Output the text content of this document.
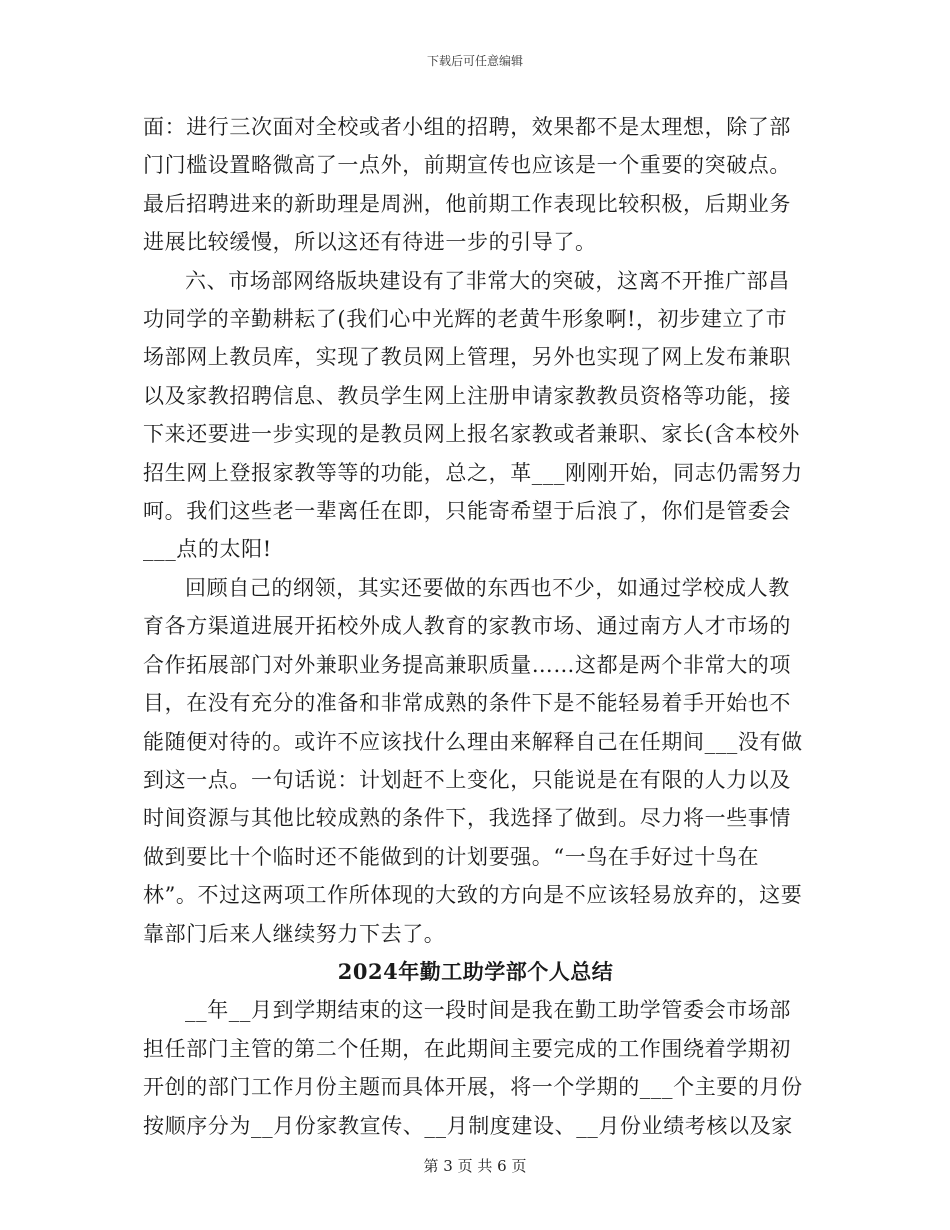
下载后可任意编辑

面：进行三次面对全校或者小组的招聘，效果都不是太理想，除了部门门槛设置略微高了一点外，前期宣传也应该是一个重要的突破点。最后招聘进来的新助理是周洲，他前期工作表现比较积极，后期业务进展比较缓慢，所以这还有待进一步的引导了。

六、市场部网络版块建设有了非常大的突破，这离不开推广部昌功同学的辛勤耕耘了(我们心中光辉的老黄牛形象啊!，初步建立了市场部网上教员库，实现了教员网上管理，另外也实现了网上发布兼职以及家教招聘信息、教员学生网上注册申请家教教员资格等功能，接下来还要进一步实现的是教员网上报名家教或者兼职、家长(含本校外招生网上登报家教等等的功能，总之，革___刚刚开始，同志仍需努力呵。我们这些老一辈离任在即，只能寄希望于后浪了，你们是管委会___点的太阳!

回顾自己的纲领，其实还要做的东西也不少，如通过学校成人教育各方渠道进展开拓校外成人教育的家教市场、通过南方人才市场的合作拓展部门对外兼职业务提高兼职质量……这都是两个非常大的项目，在没有充分的准备和非常成熟的条件下是不能轻易着手开始也不能随便对待的。或许不应该找什么理由来解释自己在任期间___没有做到这一点。一句话说：计划赶不上变化，只能说是在有限的人力以及时间资源与其他比较成熟的条件下，我选择了做到。尽力将一些事情做到要比十个临时还不能做到的计划要强。“一鸟在手好过十鸟在林”。不过这两项工作所体现的大致的方向是不应该轻易放弃的，这要靠部门后来人继续努力下去了。

2024年勤工助学部个人总结

__年__月到学期结束的这一段时间是我在勤工助学管委会市场部担任部门主管的第二个任期，在此期间主要完成的工作围绕着学期初开创的部门工作月份主题而具体开展，将一个学期的___个主要的月份按顺序分为__月份家教宣传、__月制度建设、__月份业绩考核以及家

第 3 页 共 6 页
